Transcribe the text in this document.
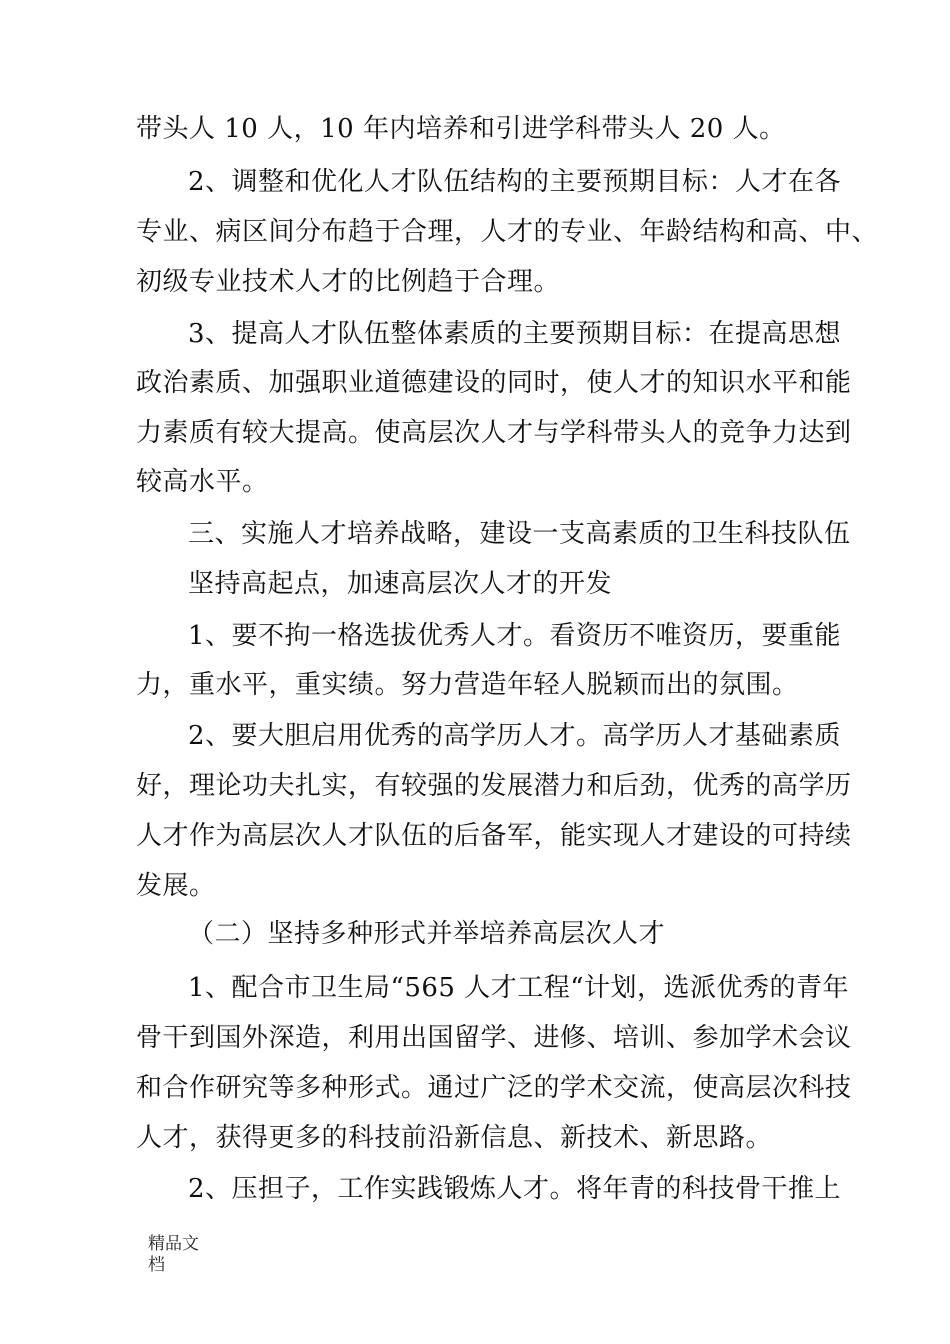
带头人 10 人，10 年内培养和引进学科带头人 20 人。
2、调整和优化人才队伍结构的主要预期目标：人才在各
专业、病区间分布趋于合理，人才的专业、年龄结构和高、中、
初级专业技术人才的比例趋于合理。
3、提高人才队伍整体素质的主要预期目标：在提高思想
政治素质、加强职业道德建设的同时，使人才的知识水平和能
力素质有较大提高。使高层次人才与学科带头人的竞争力达到
较高水平。
三、实施人才培养战略，建设一支高素质的卫生科技队伍
坚持高起点，加速高层次人才的开发
1、要不拘一格选拔优秀人才。看资历不唯资历，要重能
力，重水平，重实绩。努力营造年轻人脱颖而出的氛围。
2、要大胆启用优秀的高学历人才。高学历人才基础素质
好，理论功夫扎实，有较强的发展潜力和后劲，优秀的高学历
人才作为高层次人才队伍的后备军，能实现人才建设的可持续
发展。
（二）坚持多种形式并举培养高层次人才
1、配合市卫生局“565 人才工程“计划，选派优秀的青年
骨干到国外深造，利用出国留学、进修、培训、参加学术会议
和合作研究等多种形式。通过广泛的学术交流，使高层次科技
人才，获得更多的科技前沿新信息、新技术、新思路。
2、压担子，工作实践锻炼人才。将年青的科技骨干推上
精品文
档
